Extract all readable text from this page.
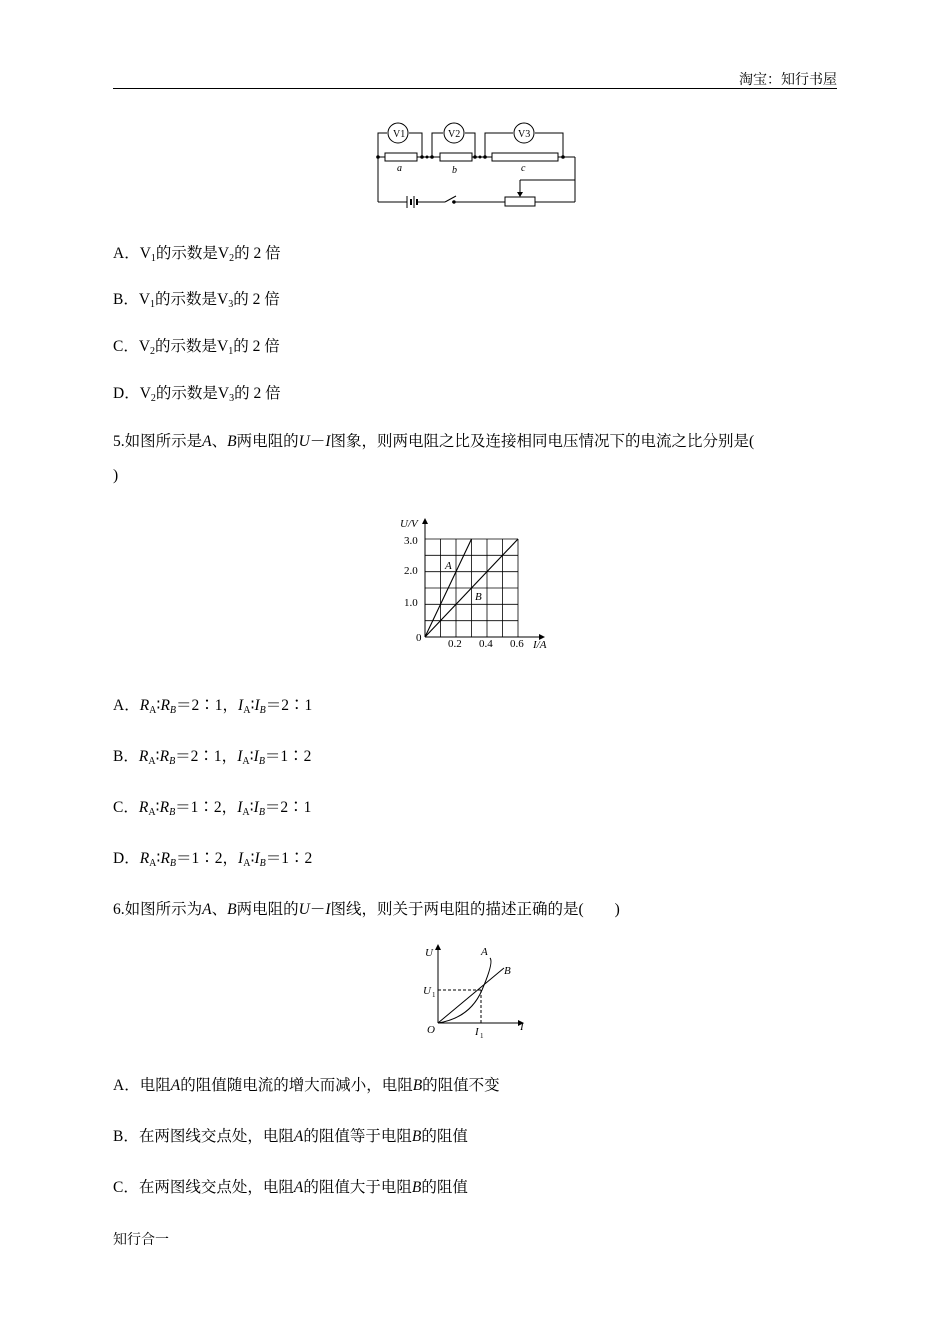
淘宝：知行书屋
V1	V2	V3
a	b	c
A．$V_1$的示数是$V_2$的 2 倍
B．$V_1$的示数是$V_3$的 2 倍
C．$V_2$的示数是$V_1$的 2 倍
D．$V_2$的示数是$V_3$的 2 倍
5.如图所示是A、B两电阻的U－I图象，则两电阻之比及连接相同电压情况下的电流之比分别是(
)
U/V
I/A
3.0
2.0
1.0
0 0.2 0.4 0.6
A
B
A．$R_A∶R_B=2∶1$，$I_A∶I_B=2∶1$
B．$R_A∶R_B=2∶1$，$I_A∶I_B=1∶2$
C．$R_A∶R_B=1∶2$，$I_A∶I_B=2∶1$
D．$R_A∶R_B=1∶2$，$I_A∶I_B=1∶2$
6.如图所示为A、B两电阻的U－I图线，则关于两电阻的描述正确的是(　　)
U
I
O
U 1
I 1
A
B
A．电阻A的阻值随电流的增大而减小，电阻B的阻值不变
B．在两图线交点处，电阻A的阻值等于电阻B的阻值
C．在两图线交点处，电阻A的阻值大于电阻B的阻值
知行合一
